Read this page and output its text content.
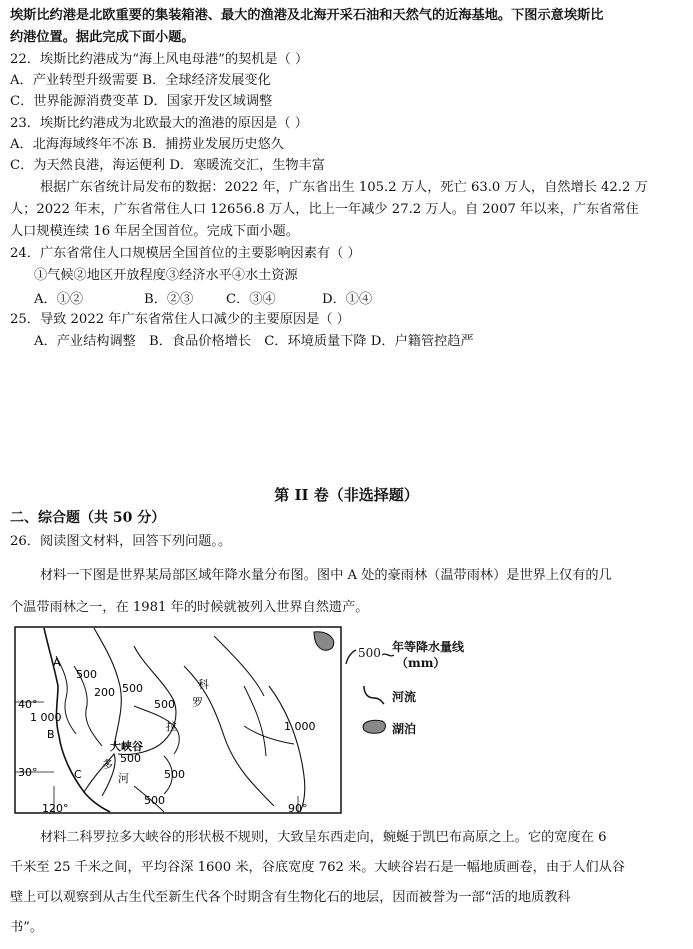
埃斯比约港是北欧重要的集装箱港、最大的渔港及北海开采石油和天然气的近海基地。下图示意埃斯比
约港位置。据此完成下面小题。
22．埃斯比约港成为“海上风电母港”的契机是（ ）
A．产业转型升级需要 B．全球经济发展变化
C．世界能源消费变革 D．国家开发区域调整
23．埃斯比约港成为北欧最大的渔港的原因是（ ）
A．北海海域终年不冻 B．捕捞业发展历史悠久
C．为天然良港，海运便利 D．寒暖流交汇，生物丰富
根据广东省统计局发布的数据：2022 年，广东省出生 105.2 万人，死亡 63.0 万人，自然增长 42.2 万
人；2022 年末，广东省常住人口 12656.8 万人，比上一年减少 27.2 万人。自 2007 年以来，广东省常住
人口规模连续 16 年居全国首位。完成下面小题。
24．广东省常住人口规模居全国首位的主要影响因素有（ ）
①气候②地区开放程度③经济水平④水土资源
A．①②	B．②③ C．③④	D．①④
25．导致 2022 年广东省常住人口减少的主要原因是（ ）
A．产业结构调整　B．食品价格增长　C．环境质量下降 D．户籍管控趋严
第 II 卷（非选择题）
二、综合题（共 50 分）
26．阅读图文材料，回答下列问题。。
材料一下图是世界某局部区域年降水量分布图。图中 A 处的豪雨林（温带雨林）是世界上仅有的几
个温带雨林之一，在 1981 年的时候就被列入世界自然遗产。
A
B
C
40°
30°
120°	90°
500
200 500
1 000
500
500
1 000
500
500
大峡谷
科
罗
拉
多
河
500 年等降水量线
（mm）
河流
湖泊
材料二科罗拉多大峡谷的形状极不规则，大致呈东西走向，蜿蜒于凯巴布高原之上。它的宽度在 6
千米至 25 千米之间，平均谷深 1600 米，谷底宽度 762 米。大峡谷岩石是一幅地质画卷，由于人们从谷
壁上可以观察到从古生代至新生代各个时期含有生物化石的地层，因而被誉为一部“活的地质教科
书”。
